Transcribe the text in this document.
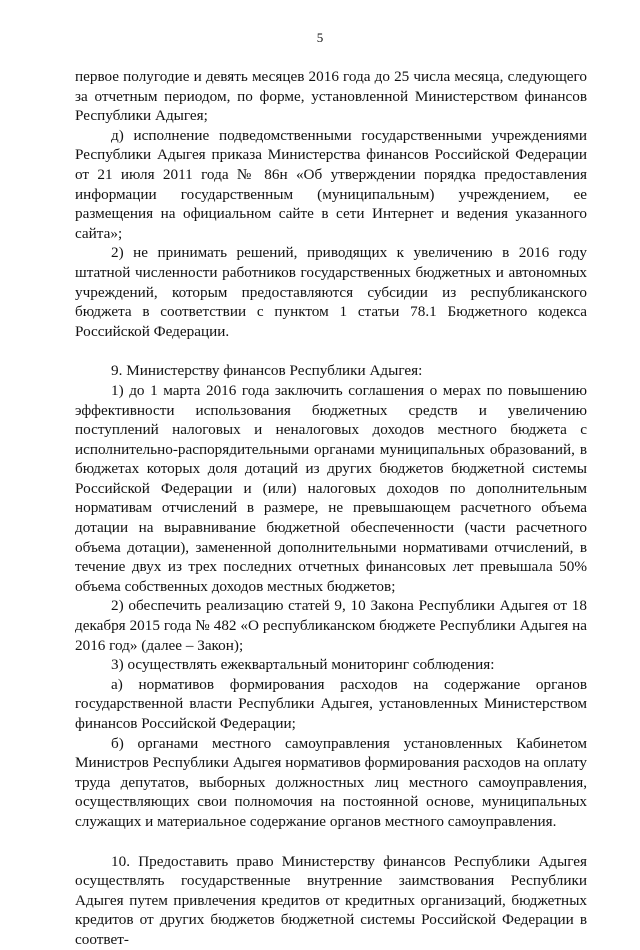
5

первое полугодие и девять месяцев 2016 года до 25 числа месяца, следующего за отчетным периодом, по форме, установленной Министерством финансов Республики Адыгея;

д) исполнение подведомственными государственными учреждениями Республики Адыгея приказа Министерства финансов Российской Федерации от 21 июля 2011 года № 86н «Об утверждении порядка предоставления информации государственным (муниципальным) учреждением, ее размещения на официальном сайте в сети Интернет и ведения указанного сайта»;

2) не принимать решений, приводящих к увеличению в 2016 году штатной численности работников государственных бюджетных и автономных учреждений, которым предоставляются субсидии из республиканского бюджета в соответствии с пунктом 1 статьи 78.1 Бюджетного кодекса Российской Федерации.

9. Министерству финансов Республики Адыгея:

1) до 1 марта 2016 года заключить соглашения о мерах по повышению эффективности использования бюджетных средств и увеличению поступлений налоговых и неналоговых доходов местного бюджета с исполнительно-распорядительными органами муниципальных образований, в бюджетах которых доля дотаций из других бюджетов бюджетной системы Российской Федерации и (или) налоговых доходов по дополнительным нормативам отчислений в размере, не превышающем расчетного объема дотации на выравнивание бюджетной обеспеченности (части расчетного объема дотации), замененной дополнительными нормативами отчислений, в течение двух из трех последних отчетных финансовых лет превышала 50% объема собственных доходов местных бюджетов;

2) обеспечить реализацию статей 9, 10 Закона Республики Адыгея от 18 декабря 2015 года № 482 «О республиканском бюджете Республики Адыгея на 2016 год» (далее – Закон);

3) осуществлять ежеквартальный мониторинг соблюдения:

а) нормативов формирования расходов на содержание органов государственной власти Республики Адыгея, установленных Министерством финансов Российской Федерации;

б) органами местного самоуправления установленных Кабинетом Министров Республики Адыгея нормативов формирования расходов на оплату труда депутатов, выборных должностных лиц местного самоуправления, осуществляющих свои полномочия на постоянной основе, муниципальных служащих и материальное содержание органов местного самоуправления.

10. Предоставить право Министерству финансов Республики Адыгея осуществлять государственные внутренние заимствования Республики Адыгея путем привлечения кредитов от кредитных организаций, бюджетных кредитов от других бюджетов бюджетной системы Российской Федерации в соответ-
